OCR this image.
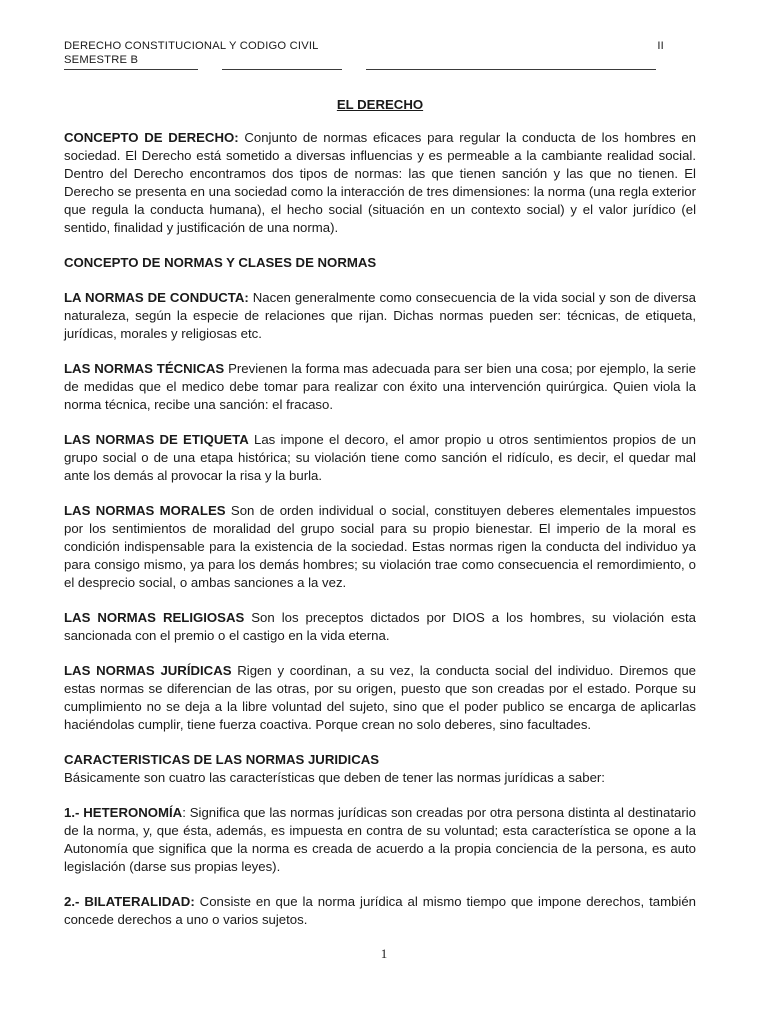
DERECHO CONSTITUCIONAL Y CODIGO CIVIL	II
SEMESTRE B
EL DERECHO

CONCEPTO DE DERECHO: Conjunto de normas eficaces para regular la conducta de los hombres en sociedad. El Derecho está sometido a diversas influencias y es permeable a la cambiante realidad social. Dentro del Derecho encontramos dos tipos de normas: las que tienen sanción y las que no tienen. El Derecho se presenta en una sociedad como la interacción de tres dimensiones: la norma (una regla exterior que regula la conducta humana), el hecho social (situación en un contexto social) y el valor jurídico (el sentido, finalidad y justificación de una norma).

CONCEPTO DE NORMAS Y CLASES DE NORMAS

LA NORMAS DE CONDUCTA: Nacen generalmente como consecuencia de la vida social y son de diversa naturaleza, según la especie de relaciones que rijan. Dichas normas pueden ser: técnicas, de etiqueta, jurídicas, morales y religiosas etc.

LAS NORMAS TÉCNICAS Previenen la forma mas adecuada para ser bien una cosa; por ejemplo, la serie de medidas que el medico debe tomar para realizar con éxito una intervención quirúrgica. Quien viola la norma técnica, recibe una sanción: el fracaso.

LAS NORMAS DE ETIQUETA Las impone el decoro, el amor propio u otros sentimientos propios de un grupo social o de una etapa histórica; su violación tiene como sanción el ridículo, es decir, el quedar mal ante los demás al provocar la risa y la burla.

LAS NORMAS MORALES Son de orden individual o social, constituyen deberes elementales impuestos por los sentimientos de moralidad del grupo social para su propio bienestar. El imperio de la moral es condición indispensable para la existencia de la sociedad. Estas normas rigen la conducta del individuo ya para consigo mismo, ya para los demás hombres; su violación trae como consecuencia el remordimiento, o el desprecio social, o ambas sanciones a la vez.

LAS NORMAS RELIGIOSAS Son los preceptos dictados por DIOS a los hombres, su violación esta sancionada con el premio o el castigo en la vida eterna.

LAS NORMAS JURÍDICAS Rigen y coordinan, a su vez, la conducta social del individuo. Diremos que estas normas se diferencian de las otras, por su origen, puesto que son creadas por el estado. Porque su cumplimiento no se deja a la libre voluntad del sujeto, sino que el poder publico se encarga de aplicarlas haciéndolas cumplir, tiene fuerza coactiva. Porque crean no solo deberes, sino facultades.

CARACTERISTICAS DE LAS NORMAS JURIDICAS

Básicamente son cuatro las características que deben de tener las normas jurídicas a saber:

1.- HETERONOMÍA: Significa que las normas jurídicas son creadas por otra persona distinta al destinatario de la norma, y, que ésta, además, es impuesta en contra de su voluntad; esta característica se opone a la Autonomía que significa que la norma es creada de acuerdo a la propia conciencia de la persona, es auto legislación (darse sus propias leyes).

2.- BILATERALIDAD: Consiste en que la norma jurídica al mismo tiempo que impone derechos, también concede derechos a uno o varios sujetos.

1
